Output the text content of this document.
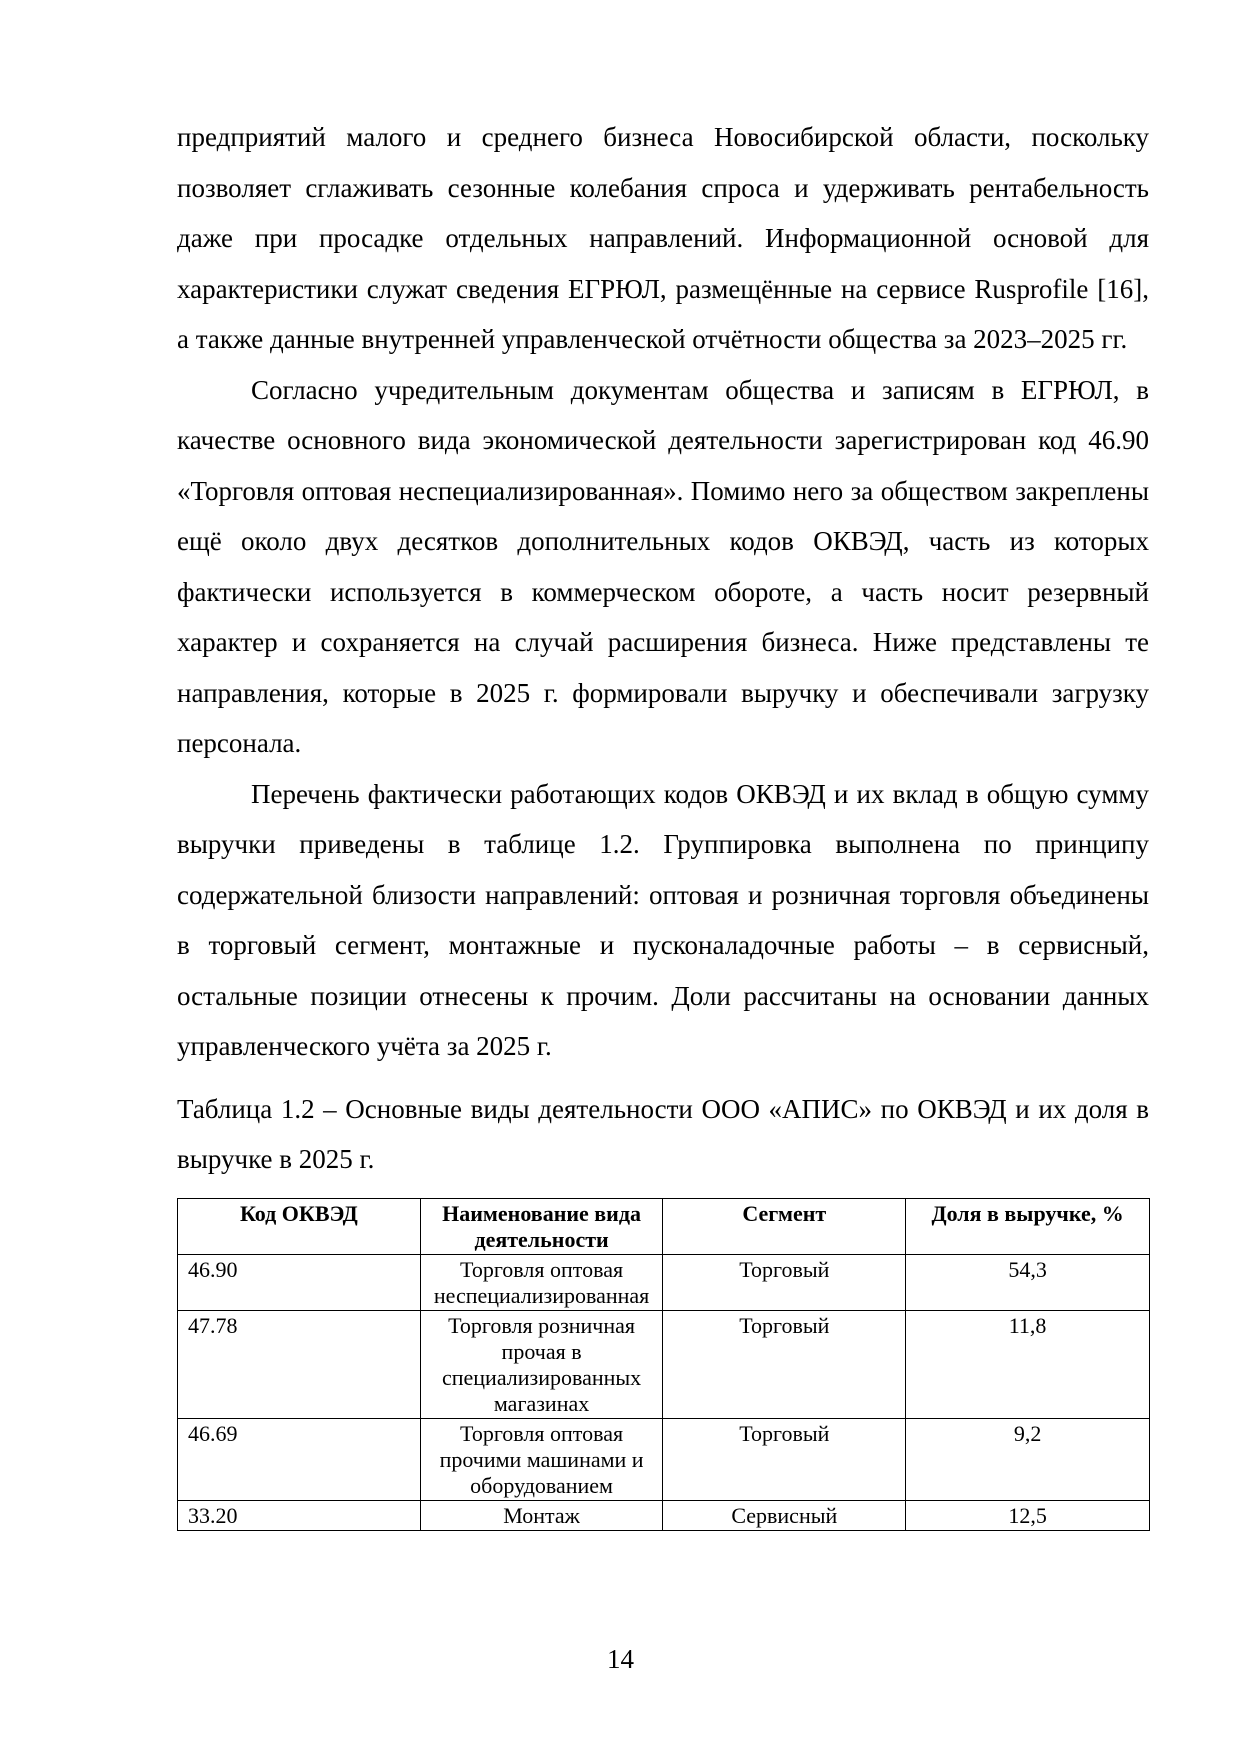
предприятий малого и среднего бизнеса Новосибирской области, поскольку позволяет сглаживать сезонные колебания спроса и удерживать рентабельность даже при просадке отдельных направлений. Информационной основой для характеристики служат сведения ЕГРЮЛ, размещённые на сервисе Rusprofile [16], а также данные внутренней управленческой отчётности общества за 2023–2025 гг.

Согласно учредительным документам общества и записям в ЕГРЮЛ, в качестве основного вида экономической деятельности зарегистрирован код 46.90 «Торговля оптовая неспециализированная». Помимо него за обществом закреплены ещё около двух десятков дополнительных кодов ОКВЭД, часть из которых фактически используется в коммерческом обороте, а часть носит резервный характер и сохраняется на случай расширения бизнеса. Ниже представлены те направления, которые в 2025 г. формировали выручку и обеспечивали загрузку персонала.

Перечень фактически работающих кодов ОКВЭД и их вклад в общую сумму выручки приведены в таблице 1.2. Группировка выполнена по принципу содержательной близости направлений: оптовая и розничная торговля объединены в торговый сегмент, монтажные и пусконаладочные работы – в сервисный, остальные позиции отнесены к прочим. Доли рассчитаны на основании данных управленческого учёта за 2025 г.

Таблица 1.2 – Основные виды деятельности ООО «АПИС» по ОКВЭД и их доля в выручке в 2025 г.

Код ОКВЭД	Наименование вида деятельности	Сегмент	Доля в выручке, %
46.90	Торговля оптовая неспециализированная	Торговый	54,3
47.78	Торговля розничная прочая в специализированных магазинах	Торговый	11,8
46.69	Торговля оптовая прочими машинами и оборудованием	Торговый	9,2
33.20	Монтаж	Сервисный	12,5
14
